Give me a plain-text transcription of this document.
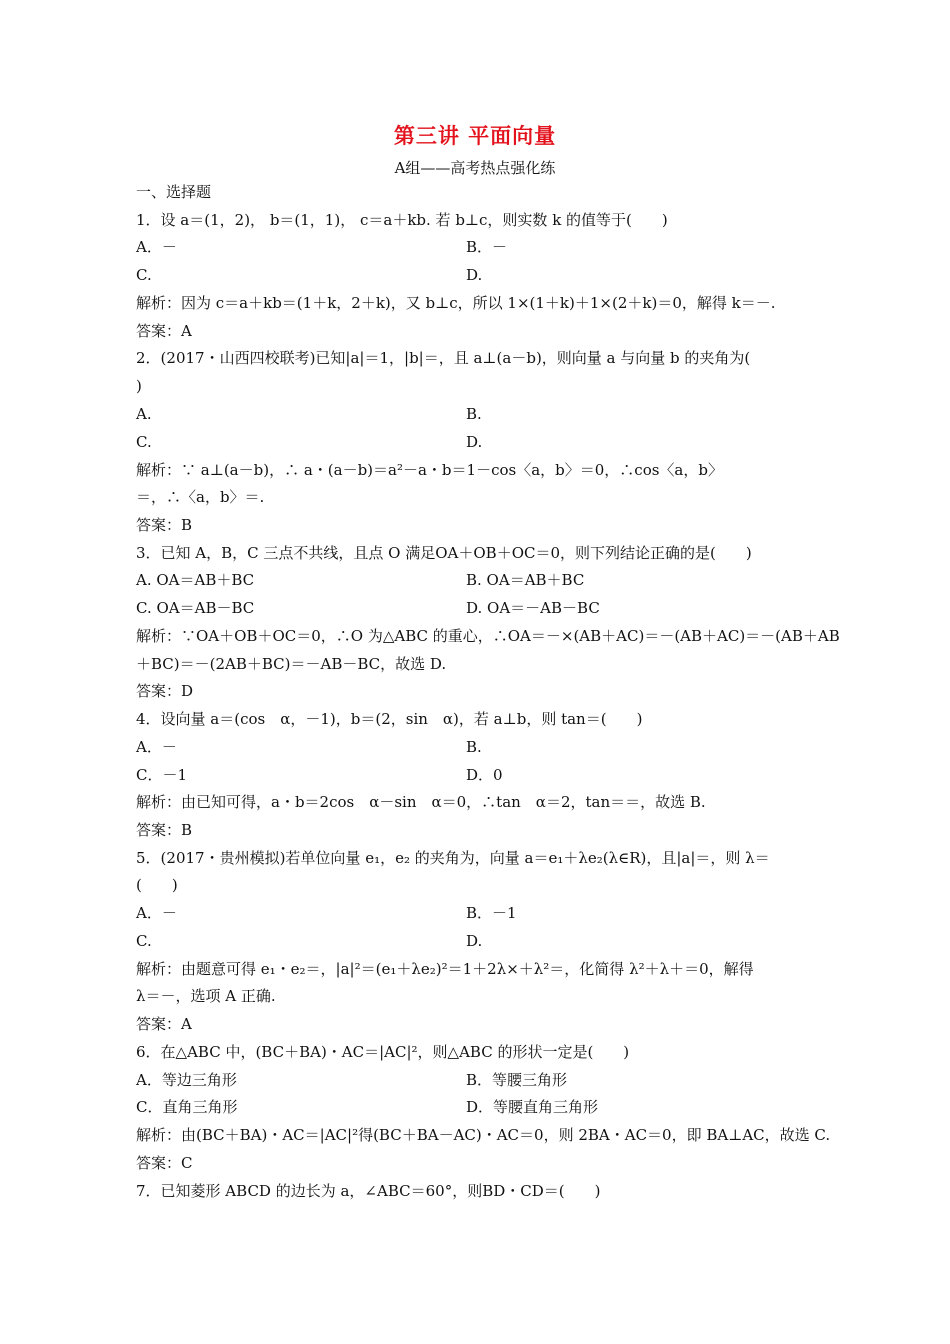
第三讲 平面向量
A组——高考热点强化练
一、选择题
1．设 a＝(1，2)， b＝(1，1)， c＝a＋kb. 若 b⊥c，则实数 k 的值等于(　　)
A．－	B．－
C.	D.
解析：因为 c＝a＋kb＝(1＋k，2＋k)，又 b⊥c，所以 1×(1＋k)＋1×(2＋k)＝0，解得 k＝－.
答案：A
2．(2017・山西四校联考)已知|a|＝1，|b|＝，且 a⊥(a－b)，则向量 a 与向量 b 的夹角为(
)
A.	B.
C.	D.
解析：∵ a⊥(a－b)，∴ a・(a－b)＝a²－a・b＝1－cos〈a，b〉＝0，∴cos〈a，b〉
＝，∴〈a，b〉＝.
答案：B
3．已知 A，B，C 三点不共线，且点 O 满足OA＋OB＋OC＝0，则下列结论正确的是(　　)
A. OA＝AB＋BC	B. OA＝AB＋BC
C. OA＝AB－BC	D. OA＝－AB－BC
解析：∵OA＋OB＋OC＝0，∴O 为△ABC 的重心，∴OA＝－×(AB＋AC)＝－(AB＋AC)＝－(AB＋AB
＋BC)＝－(2AB＋BC)＝－AB－BC，故选 D.
答案：D
4．设向量 a＝(cos　α，－1)，b＝(2，sin　α)，若 a⊥b，则 tan＝(　　)
A．－	B.
C．－1	D．0
解析：由已知可得，a・b＝2cos　α－sin　α＝0，∴tan　α＝2，tan＝＝，故选 B.
答案：B
5．(2017・贵州模拟)若单位向量 e₁，e₂ 的夹角为，向量 a＝e₁＋λe₂(λ∈R)，且|a|＝，则 λ＝
(　　)
A．－	B．－1
C.	D.
解析：由题意可得 e₁・e₂＝，|a|²＝(e₁＋λe₂)²＝1＋2λ×＋λ²＝，化简得 λ²＋λ＋＝0，解得
λ＝－，选项 A 正确.
答案：A
6．在△ABC 中，(BC＋BA)・AC＝|AC|²，则△ABC 的形状一定是(　　)
A．等边三角形	B．等腰三角形
C．直角三角形	D．等腰直角三角形
解析：由(BC＋BA)・AC＝|AC|²得(BC＋BA－AC)・AC＝0，则 2BA・AC＝0，即 BA⊥AC，故选 C.
答案：C
7．已知菱形 ABCD 的边长为 a，∠ABC＝60°，则BD・CD＝(　　)
